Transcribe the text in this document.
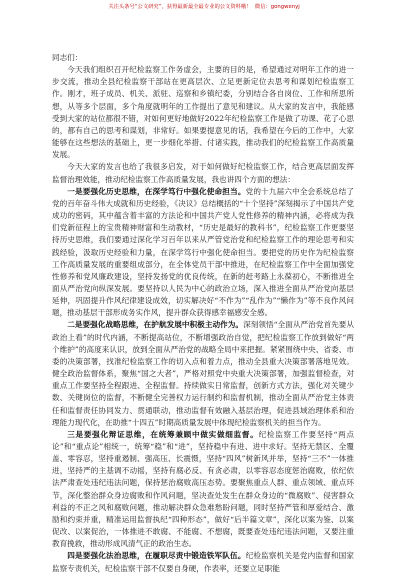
关注头条号“公文研究”，获得最新最全最专业的公文资料哦！ 微信：gongwenyj
同志们：

今天我们组织召开纪检监察工作务虚会，主要的目的是，希望通过对明年工作的进一步交流，推动全县纪检监察干部站在更高层次、立足更新定位去思考和谋划纪检监察工作。刚才，班子成员、机关、派驻、巡察和乡镇纪委，分别结合各自岗位、工作和所思所想，从等多个层面，多个角度就明年的工作提出了意见和建议。从大家的发言中，我能感受到大家的站位都很不错，对如何更好地做好2022年纪检监察工作是做了功课、花了心思的，都有自己的思考和谋划，非常好。如果要提意见的话，我希望在今后的工作中，大家能够在这些想法的基础上，更一步细化举措、付诸实践，推动我们的纪检监察工作高质量发展。

今天大家的发言也给了我很多启发，对于如何做好纪检监察工作，结合更高层面发挥监督治理效能，推动纪检监察工作高质量发展，我也讲四个方面的想法：

一是要强化历史思维，在深学笃行中强化使命担当。党的十九届六中全会系统总结了党的百年奋斗伟大成就和历史经验，《决议》总结概括的“十个坚持”深刻揭示了中国共产党成功的密码，其中蕴含着丰富的方法论和中国共产党人党性修养的精神内涵，必将成为我们党新征程上的宝贵精神财富和生动教材，“历史是最好的教科书”，纪检监察工作更要坚持历史思维，我们要通过深化学习百年以来从严管党治党和纪检监察工作的理论思考和实践经验，汲取历史经验和力量，在深学笃行中强化使命担当。要把党的历史作为纪检监察工作高质量发展的重要组成部分，在全体党员干部中推进，在纪检监察工作中全面加强党性修养和党风廉政建设，坚持发扬党的优良传统，在新的赶考路上永葆初心，不断推进全面从严治党向纵深发展。要坚持以人民为中心的政治立场，深入推进全面从严治党向基层延伸，巩固提升作风纪律建设成效，切实解决好“不作为”“乱作为”“懒作为”等不良作风问题，推动基层干部形成务实作风，提升群众获得感幸福感安全感。

二是要强化战略思维，在护航发展中积极主动作为。深刻领悟“全面从严治党首先要从政治上看”的时代内涵，不断提高站位，不断增强政治自觉，把纪检监察工作放到做好“两个维护”的高度来认识，放到全面从严治党的战略全局中来把握。紧紧围绕中央、省委、市委的决策部署，找准纪检监察工作的切入点和着力点，推动全县重大决策部署落地见效。健全政治监督体系，聚焦“国之大者”，严格对照党中央重大决策部署，加强监督检查，对重点工作要坚持全程跟进、全程监督。持续做实日常监督，创新方式方法，强化对关键少数、关键岗位的监督，不断健全完善权力运行制约和监督机制，推动全面从严治党主体责任和监督责任协同发力、贯通联动，推动监督有效融入基层治理，促进县域治理体系和治理能力现代化，在助推“十四五”时期高质量发展中体现纪检监察机关的担当作为。

三是要强化辩证思维，在统筹兼顾中做实做细监督。纪检监察工作要坚持“两点论”和“重点论”相统一，统筹“稳”和“进”，坚持稳中有进、进中求好。坚持无禁区、全覆盖、零容忍，坚持重遏制、强高压、长震慑，坚持“四风”树新风并举，坚持“三不”一体推进，坚持严的主基调不动摇，坚持有腐必反、有贪必肃，以零容忍态度惩治腐败，依纪依法严肃查处违纪违法问题，保持惩治腐败高压态势。要聚焦重点人群、重点领域、重点环节，深化整治群众身边腐败和作风问题，坚决查处发生在群众身边的“微腐败”、侵害群众利益的不正之风和腐败问题，推动解决群众急难愁盼问题，同时坚持严管和厚爱结合、激励和约束并重，精准运用监督执纪“四种形态”，做好“后半篇文章”，深化以案为鉴、以案促改、以案促治，一体推进不敢腐、不能腐、不想腐，既要查处违纪违法问题，又要注重教育挽救，推动形成风清气正的政治生态。

四是要强化法治思维，在履职尽责中锻造铁军队伍。纪检监察机关是党内监督和国家监察专责机关，纪检监察干部不仅要自身硬，作表率，还要立足职能
